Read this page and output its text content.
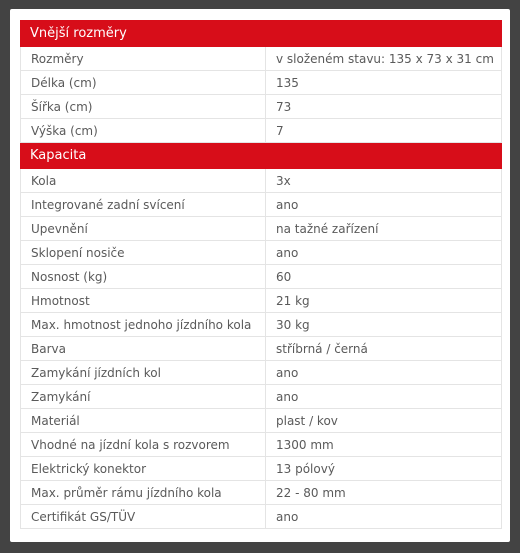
Vnější rozměry	
Rozměry	v složeném stavu: 135 x 73 x 31 cm
Délka (cm)	135
Šířka (cm)	73
Výška (cm)	7
Kapacita	
Kola	3x
Integrované zadní svícení	ano
Upevnění	na tažné zařízení
Sklopení nosiče	ano
Nosnost (kg)	60
Hmotnost	21 kg
Max. hmotnost jednoho jízdního kola	30 kg
Barva	stříbrná / černá
Zamykání jízdních kol	ano
Zamykání	ano
Materiál	plast / kov
Vhodné na jízdní kola s rozvorem	1300 mm
Elektrický konektor	13 pólový
Max. průměr rámu jízdního kola	22 - 80 mm
Certifikát GS/TÜV	ano
